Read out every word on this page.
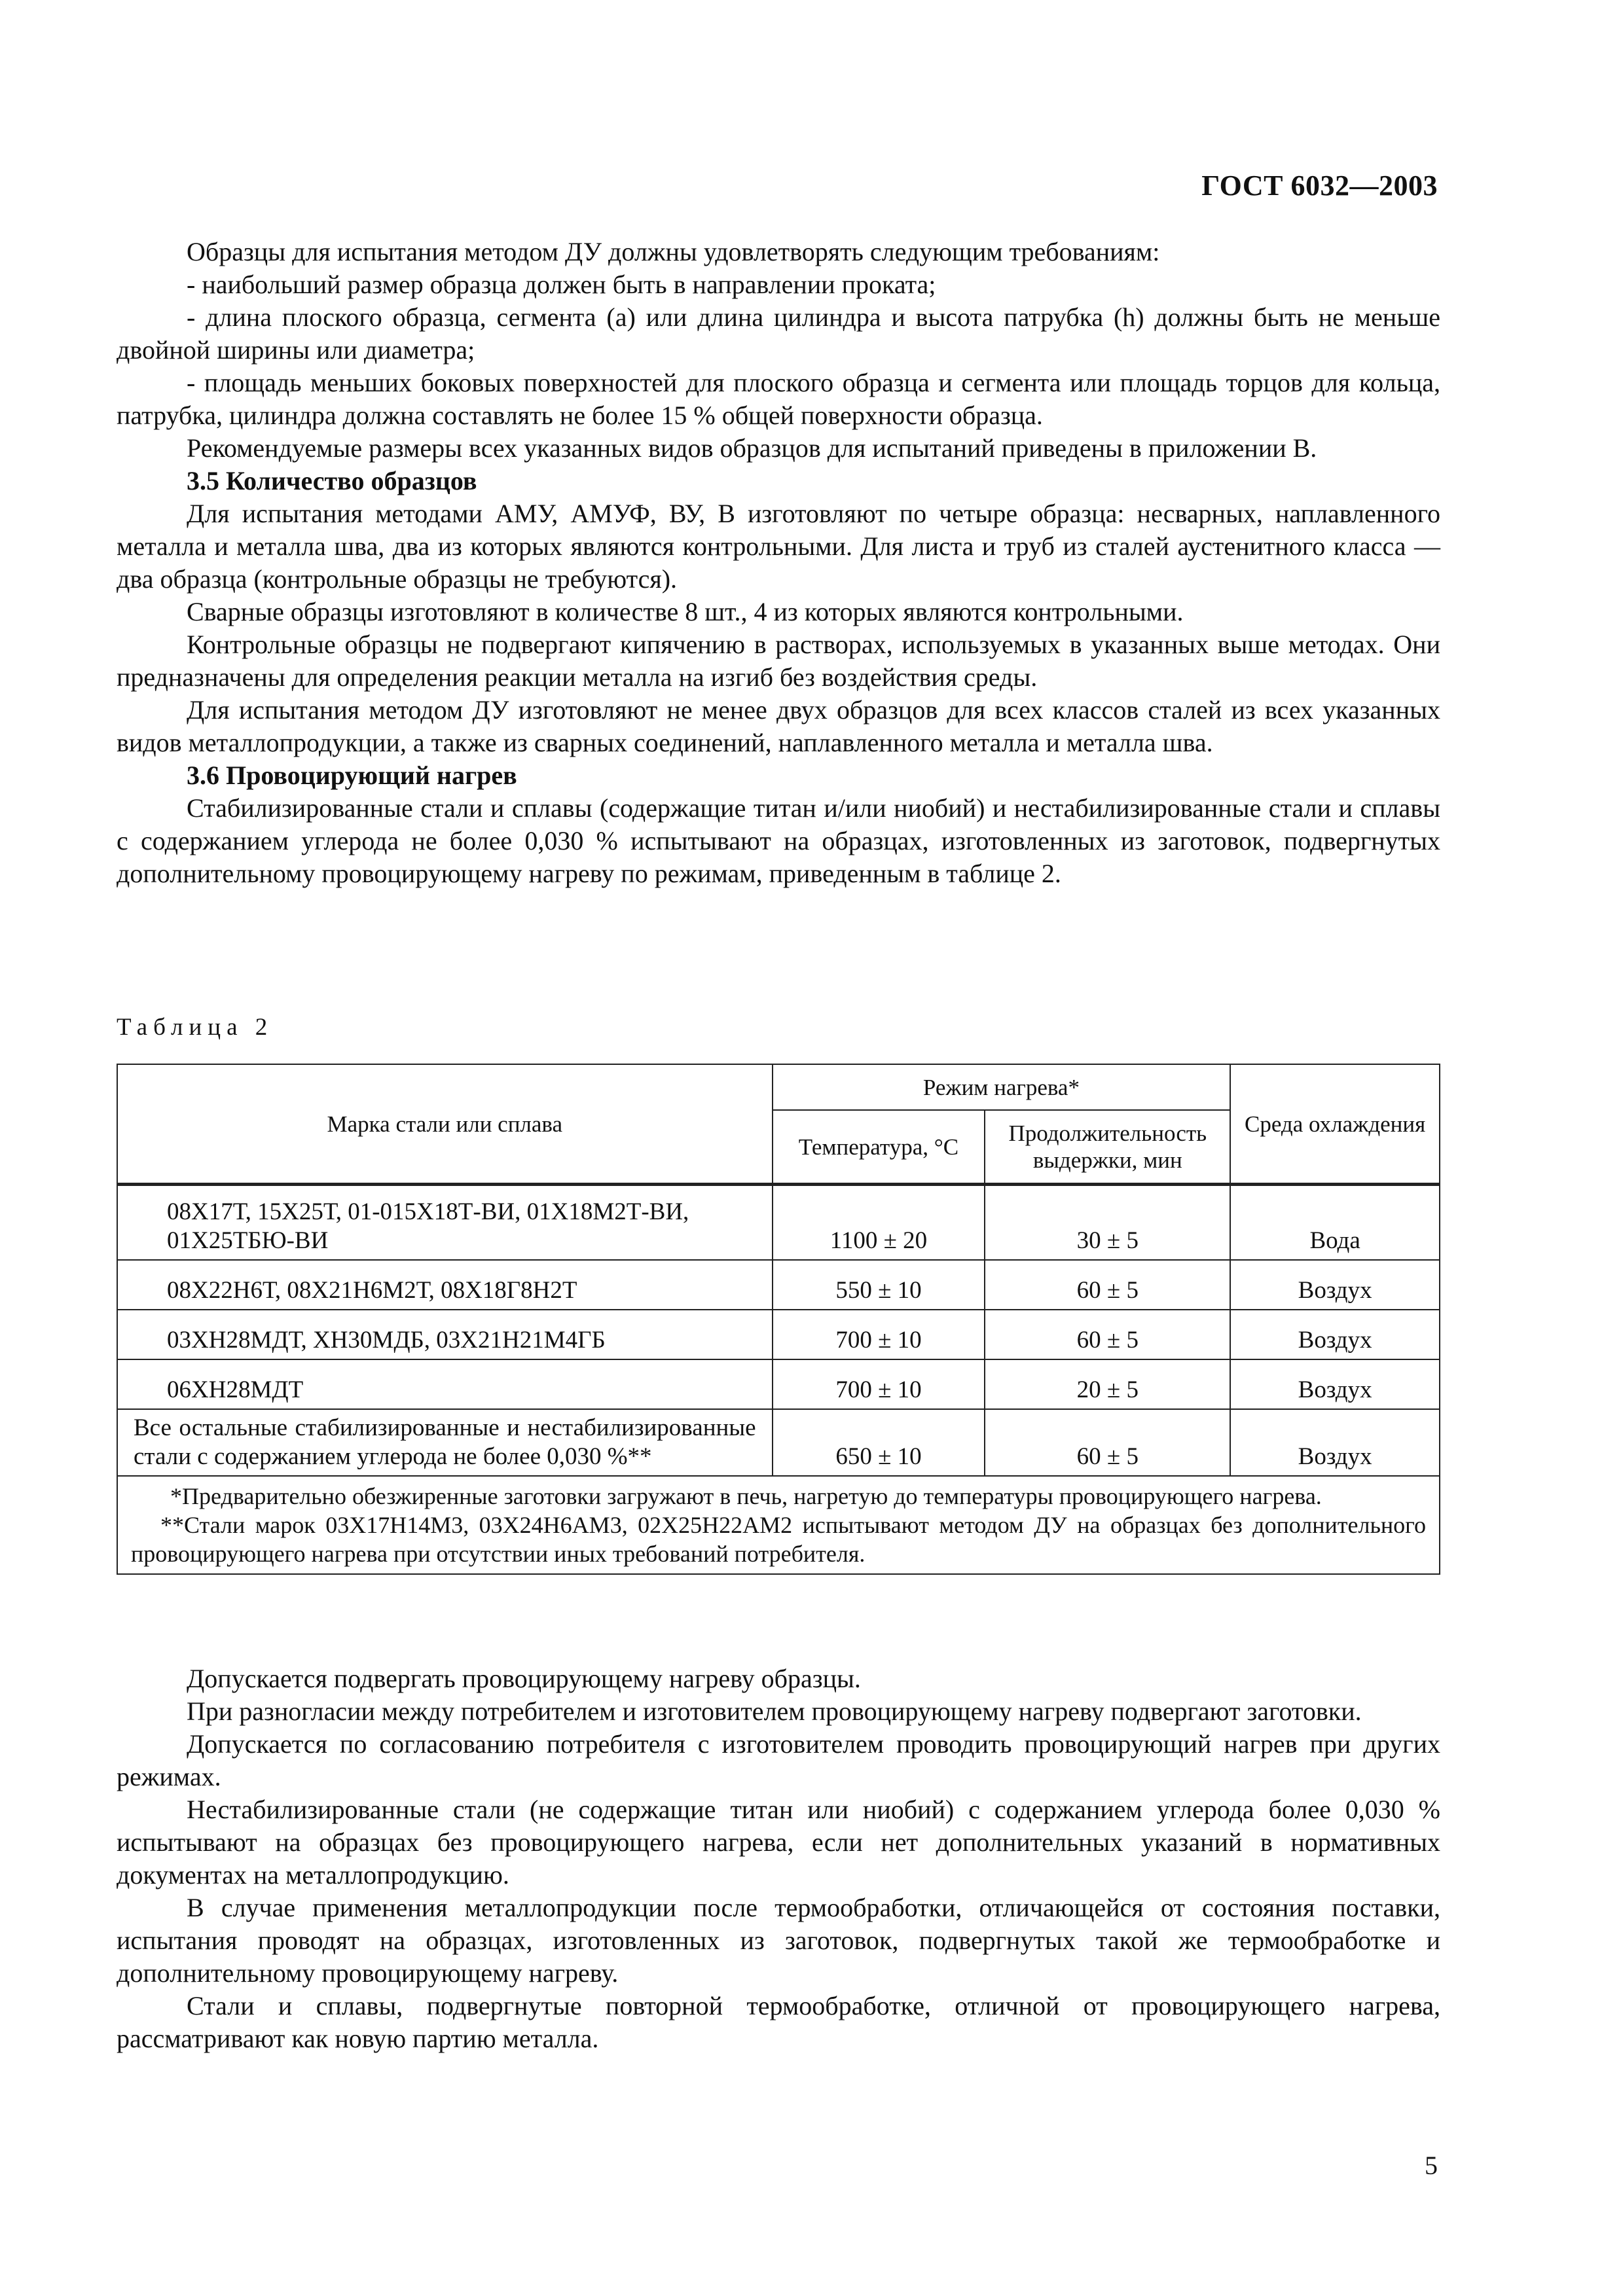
ГОСТ 6032—2003

Образцы для испытания методом ДУ должны удовлетворять следующим требованиям:

- наибольший размер образца должен быть в направлении проката;

- длина плоского образца, сегмента (a) или длина цилиндра и высота патрубка (h) должны быть не меньше двойной ширины или диаметра;

- площадь меньших боковых поверхностей для плоского образца и сегмента или площадь торцов для кольца, патрубка, цилиндра должна составлять не более 15 % общей поверхности образца.

Рекомендуемые размеры всех указанных видов образцов для испытаний приведены в приложении В.

3.5 Количество образцов

Для испытания методами АМУ, АМУФ, ВУ, В изготовляют по четыре образца: несварных, наплавленного металла и металла шва, два из которых являются контрольными. Для листа и труб из сталей аустенитного класса — два образца (контрольные образцы не требуются).

Сварные образцы изготовляют в количестве 8 шт., 4 из которых являются контрольными.

Контрольные образцы не подвергают кипячению в растворах, используемых в указанных выше методах. Они предназначены для определения реакции металла на изгиб без воздействия среды.

Для испытания методом ДУ изготовляют не менее двух образцов для всех классов сталей из всех указанных видов металлопродукции, а также из сварных соединений, наплавленного металла и металла шва.

3.6 Провоцирующий нагрев

Стабилизированные стали и сплавы (содержащие титан и/или ниобий) и нестабилизированные стали и сплавы с содержанием углерода не более 0,030 % испытывают на образцах, изготовленных из заготовок, подвергнутых дополнительному провоцирующему нагреву по режимам, приведенным в таблице 2.

Таблица 2
Марка стали или сплава	Режим нагрева*		Среда охлаждения
	Температура, °С	Продолжительность выдержки, мин	
08Х17Т, 15Х25Т, 01-015Х18Т-ВИ, 01Х18М2Т-ВИ, 01Х25ТБЮ-ВИ	1100 ± 20	30 ± 5	Вода
08Х22Н6Т, 08Х21Н6М2Т, 08Х18Г8Н2Т	550 ± 10	60 ± 5	Воздух
03ХН28МДТ, ХН30МДБ, 03Х21Н21М4ГБ	700 ± 10	60 ± 5	Воздух
06ХН28МДТ	700 ± 10	20 ± 5	Воздух
Все остальные стабилизированные и нестабилизированные стали с содержанием углерода не более 0,030 %**	650 ± 10	60 ± 5	Воздух

*Предварительно обезжиренные заготовки загружают в печь, нагретую до температуры провоцирующего нагрева.

**Стали марок 03Х17Н14М3, 03Х24Н6АМ3, 02Х25Н22АМ2 испытывают методом ДУ на образцах без дополнительного провоцирующего нагрева при отсутствии иных требований потребителя.			

Допускается подвергать провоцирующему нагреву образцы.

При разногласии между потребителем и изготовителем провоцирующему нагреву подвергают заготовки.

Допускается по согласованию потребителя с изготовителем проводить провоцирующий нагрев при других режимах.

Нестабилизированные стали (не содержащие титан или ниобий) с содержанием углерода более 0,030 % испытывают на образцах без провоцирующего нагрева, если нет дополнительных указаний в нормативных документах на металлопродукцию.

В случае применения металлопродукции после термообработки, отличающейся от состояния поставки, испытания проводят на образцах, изготовленных из заготовок, подвергнутых такой же термообработке и дополнительному провоцирующему нагреву.

Стали и сплавы, подвергнутые повторной термообработке, отличной от провоцирующего нагрева, рассматривают как новую партию металла.

5
